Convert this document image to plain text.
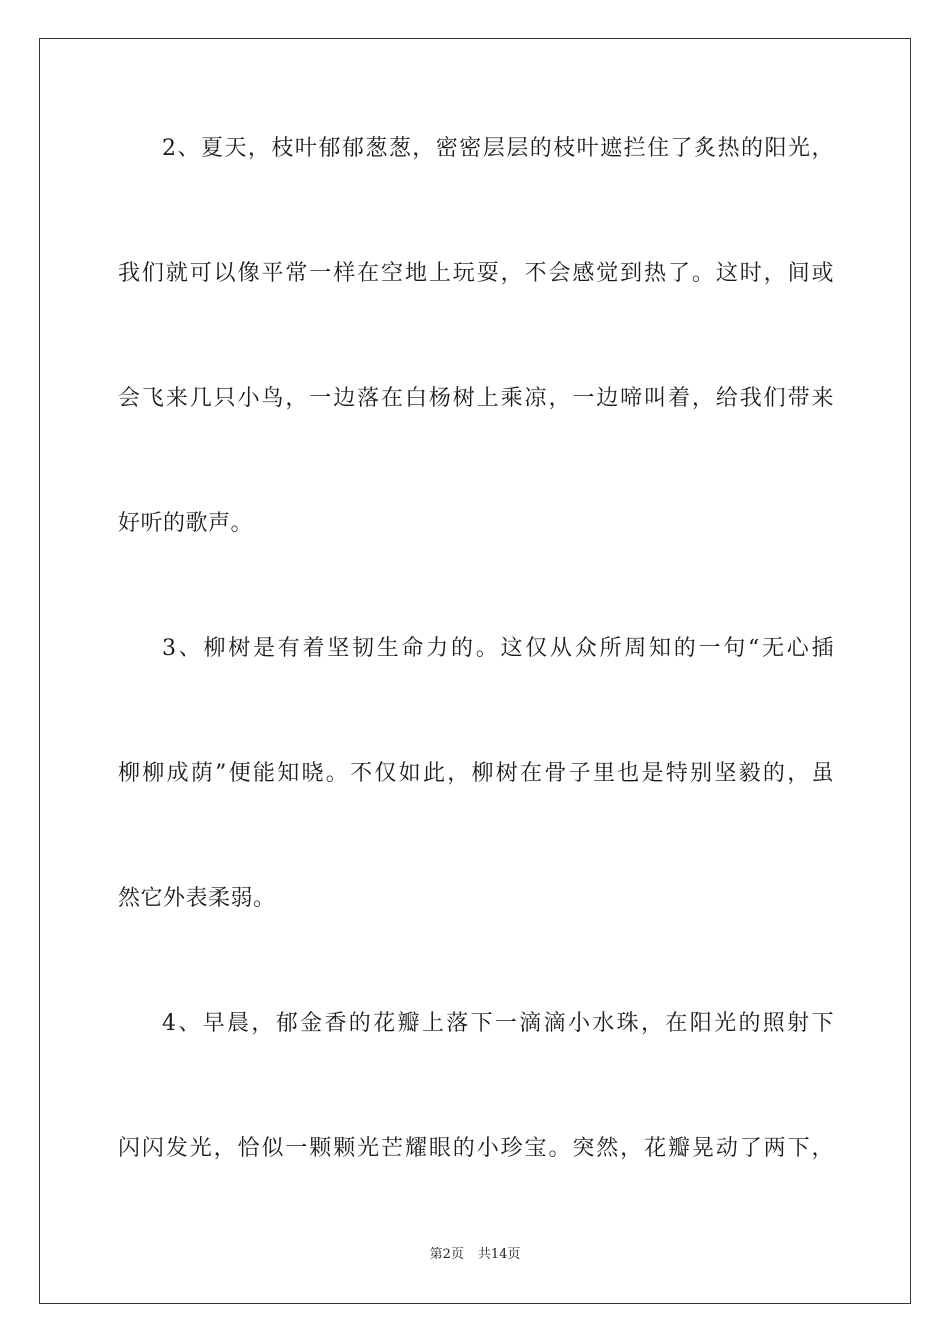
2、夏天，枝叶郁郁葱葱，密密层层的枝叶遮拦住了炙热的阳光，
我们就可以像平常一样在空地上玩耍，不会感觉到热了。这时，间或
会飞来几只小鸟，一边落在白杨树上乘凉，一边啼叫着，给我们带来
好听的歌声。
3、柳树是有着坚韧生命力的。这仅从众所周知的一句“无心插
柳柳成荫”便能知晓。不仅如此，柳树在骨子里也是特别坚毅的，虽
然它外表柔弱。
4、早晨，郁金香的花瓣上落下一滴滴小水珠，在阳光的照射下
闪闪发光，恰似一颗颗光芒耀眼的小珍宝。突然，花瓣晃动了两下，
第2页 共14页
